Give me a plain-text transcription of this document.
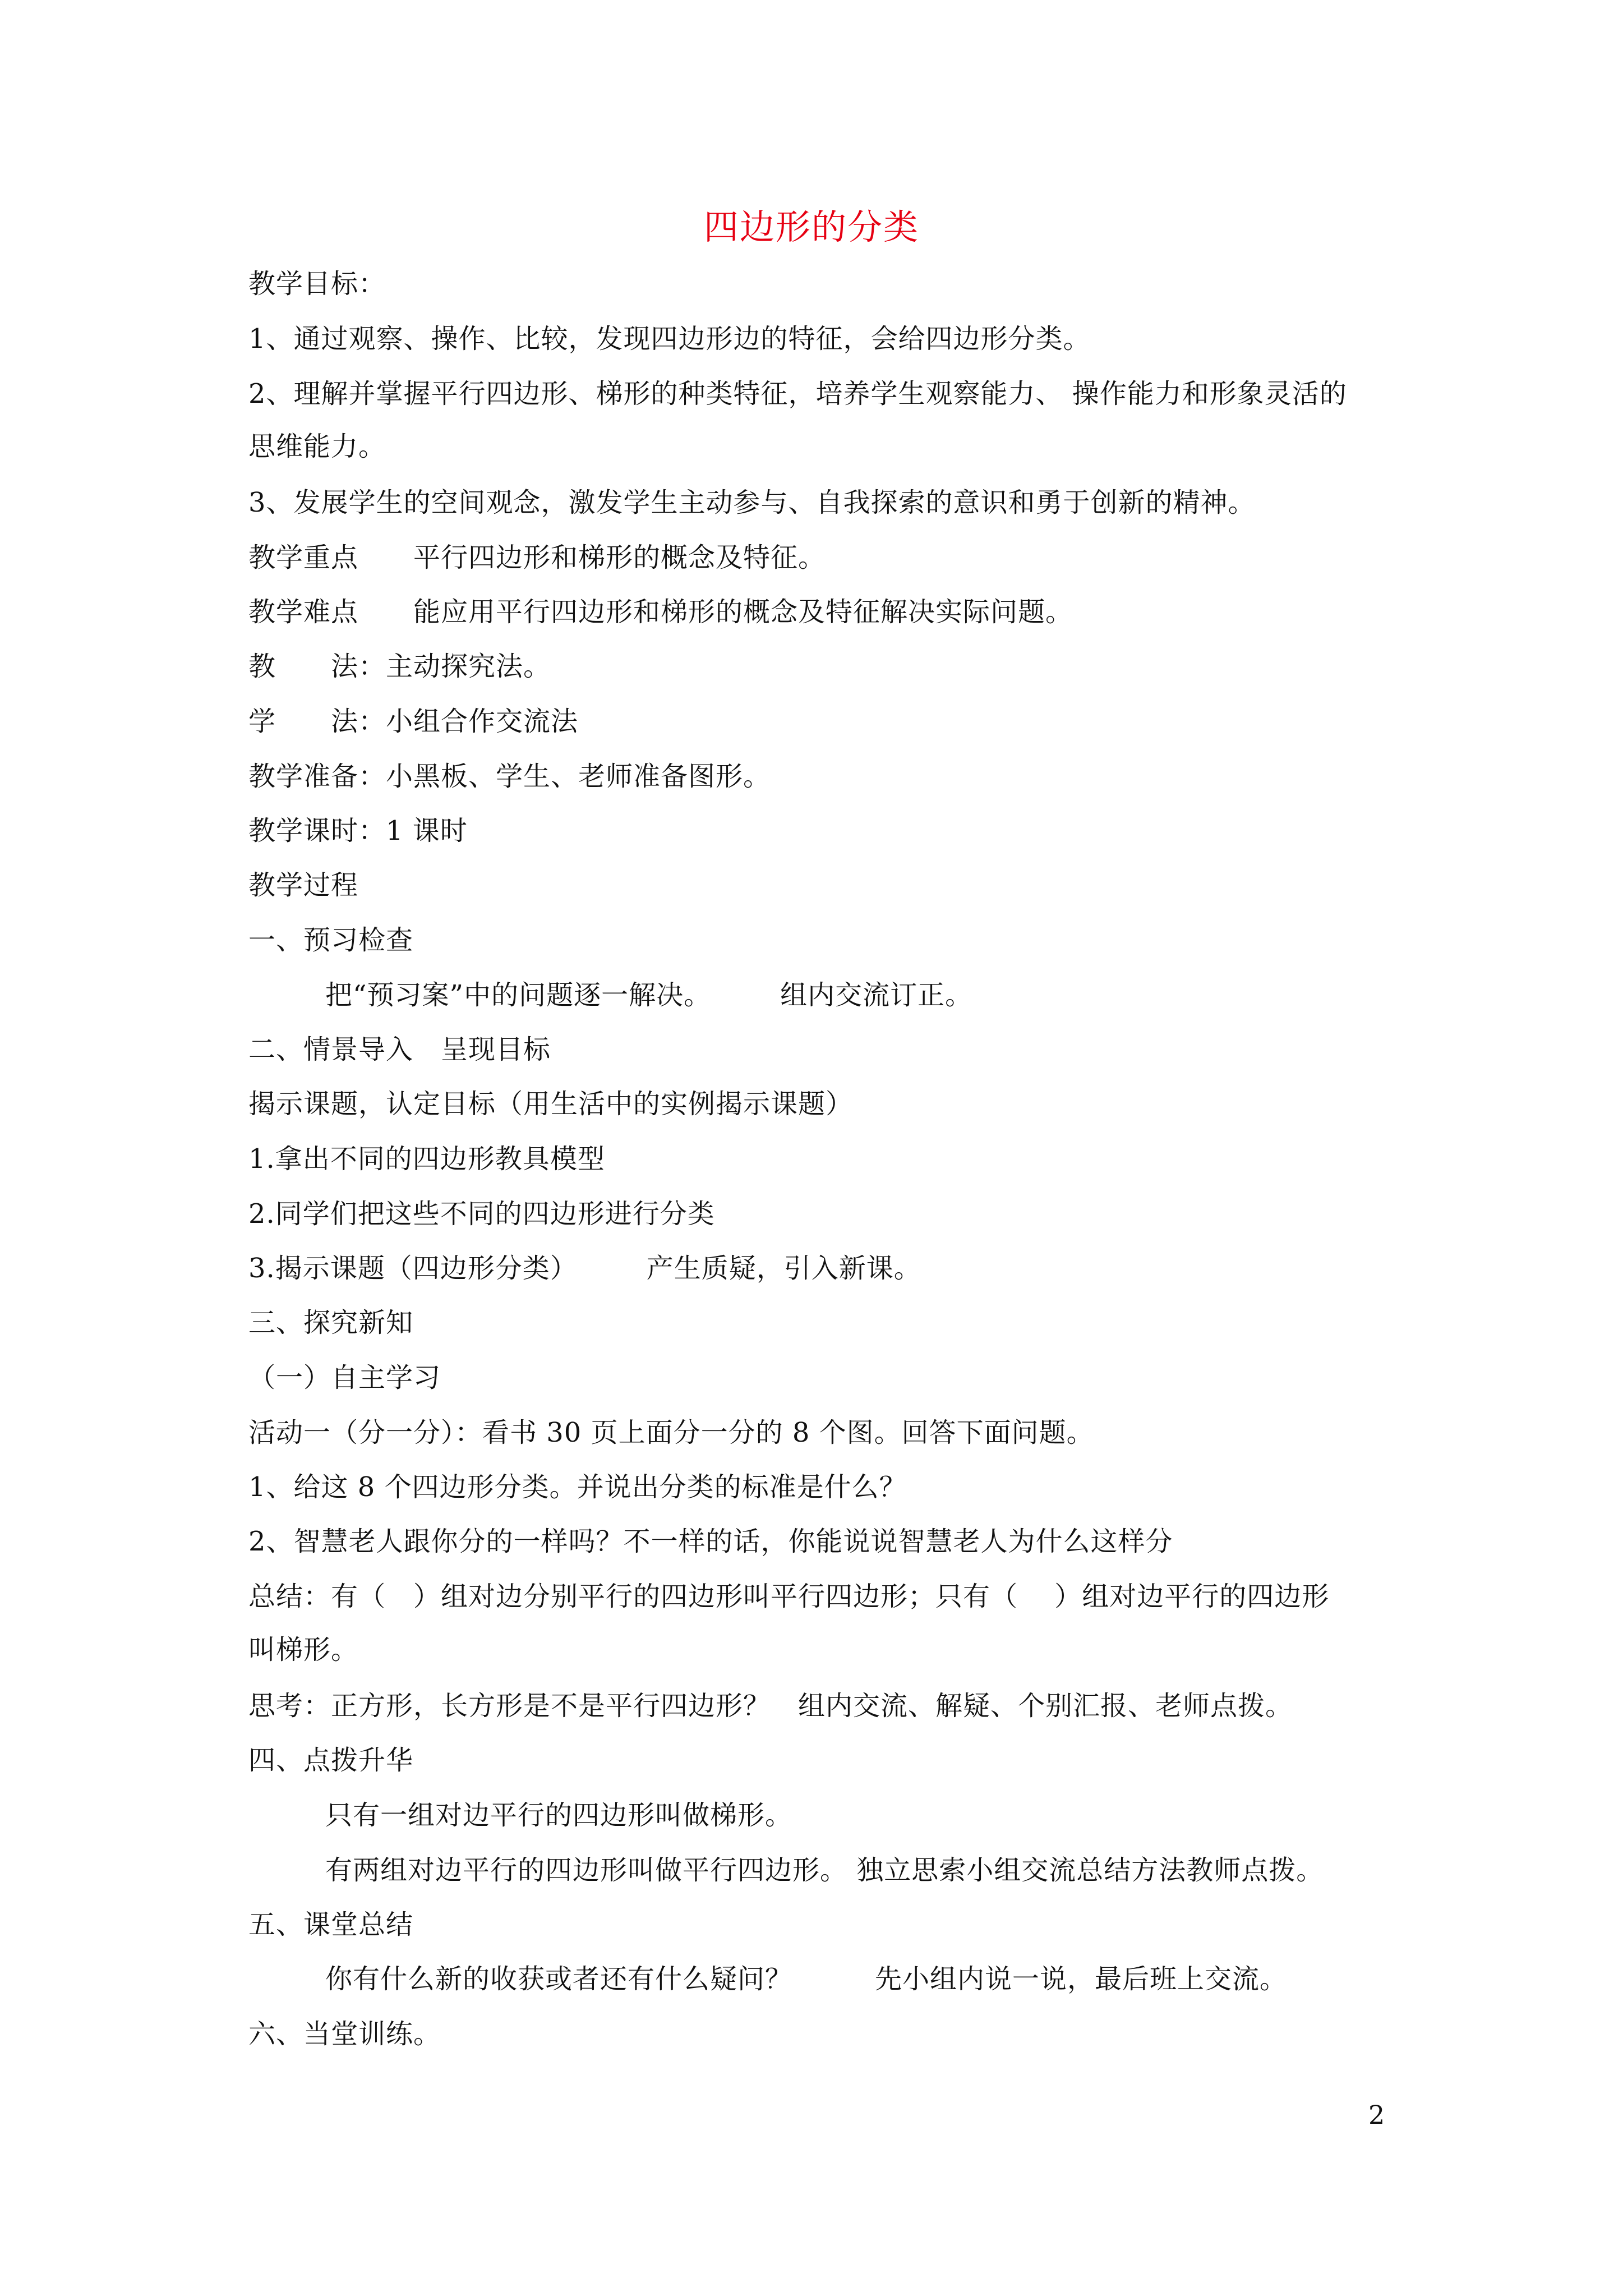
四边形的分类
教学目标：
1、通过观察、操作、比较，发现四边形边的特征，会给四边形分类。
2、理解并掌握平行四边形、梯形的种类特征，培养学生观察能力、 操作能力和形象灵活的
思维能力。
3、发展学生的空间观念，激发学生主动参与、自我探索的意识和勇于创新的精神。
教学重点　　平行四边形和梯形的概念及特征。
教学难点　　能应用平行四边形和梯形的概念及特征解决实际问题。
教　　法：主动探究法。
学　　法：小组合作交流法
教学准备：小黑板、学生、老师准备图形。
教学课时：1 课时
教学过程
一、预习检查
把“预习案”中的问题逐一解决。　　　组内交流订正。
二、情景导入　呈现目标
揭示课题，认定目标（用生活中的实例揭示课题）
1.拿出不同的四边形教具模型
2.同学们把这些不同的四边形进行分类
3.揭示课题（四边形分类）　　　产生质疑，引入新课。
三、探究新知
（一）自主学习
活动一（分一分）：看书 30 页上面分一分的 8 个图。回答下面问题。
1、给这 8 个四边形分类。并说出分类的标准是什么？
2、智慧老人跟你分的一样吗？不一样的话，你能说说智慧老人为什么这样分
总结：有（　）组对边分别平行的四边形叫平行四边形；只有（　 ）组对边平行的四边形
叫梯形。
思考：正方形，长方形是不是平行四边形？　组内交流、解疑、个别汇报、老师点拨。
四、点拨升华
只有一组对边平行的四边形叫做梯形。
有两组对边平行的四边形叫做平行四边形。 独立思索小组交流总结方法教师点拨。
五、课堂总结
你有什么新的收获或者还有什么疑问？　　　先小组内说一说，最后班上交流。
六、当堂训练。
2
